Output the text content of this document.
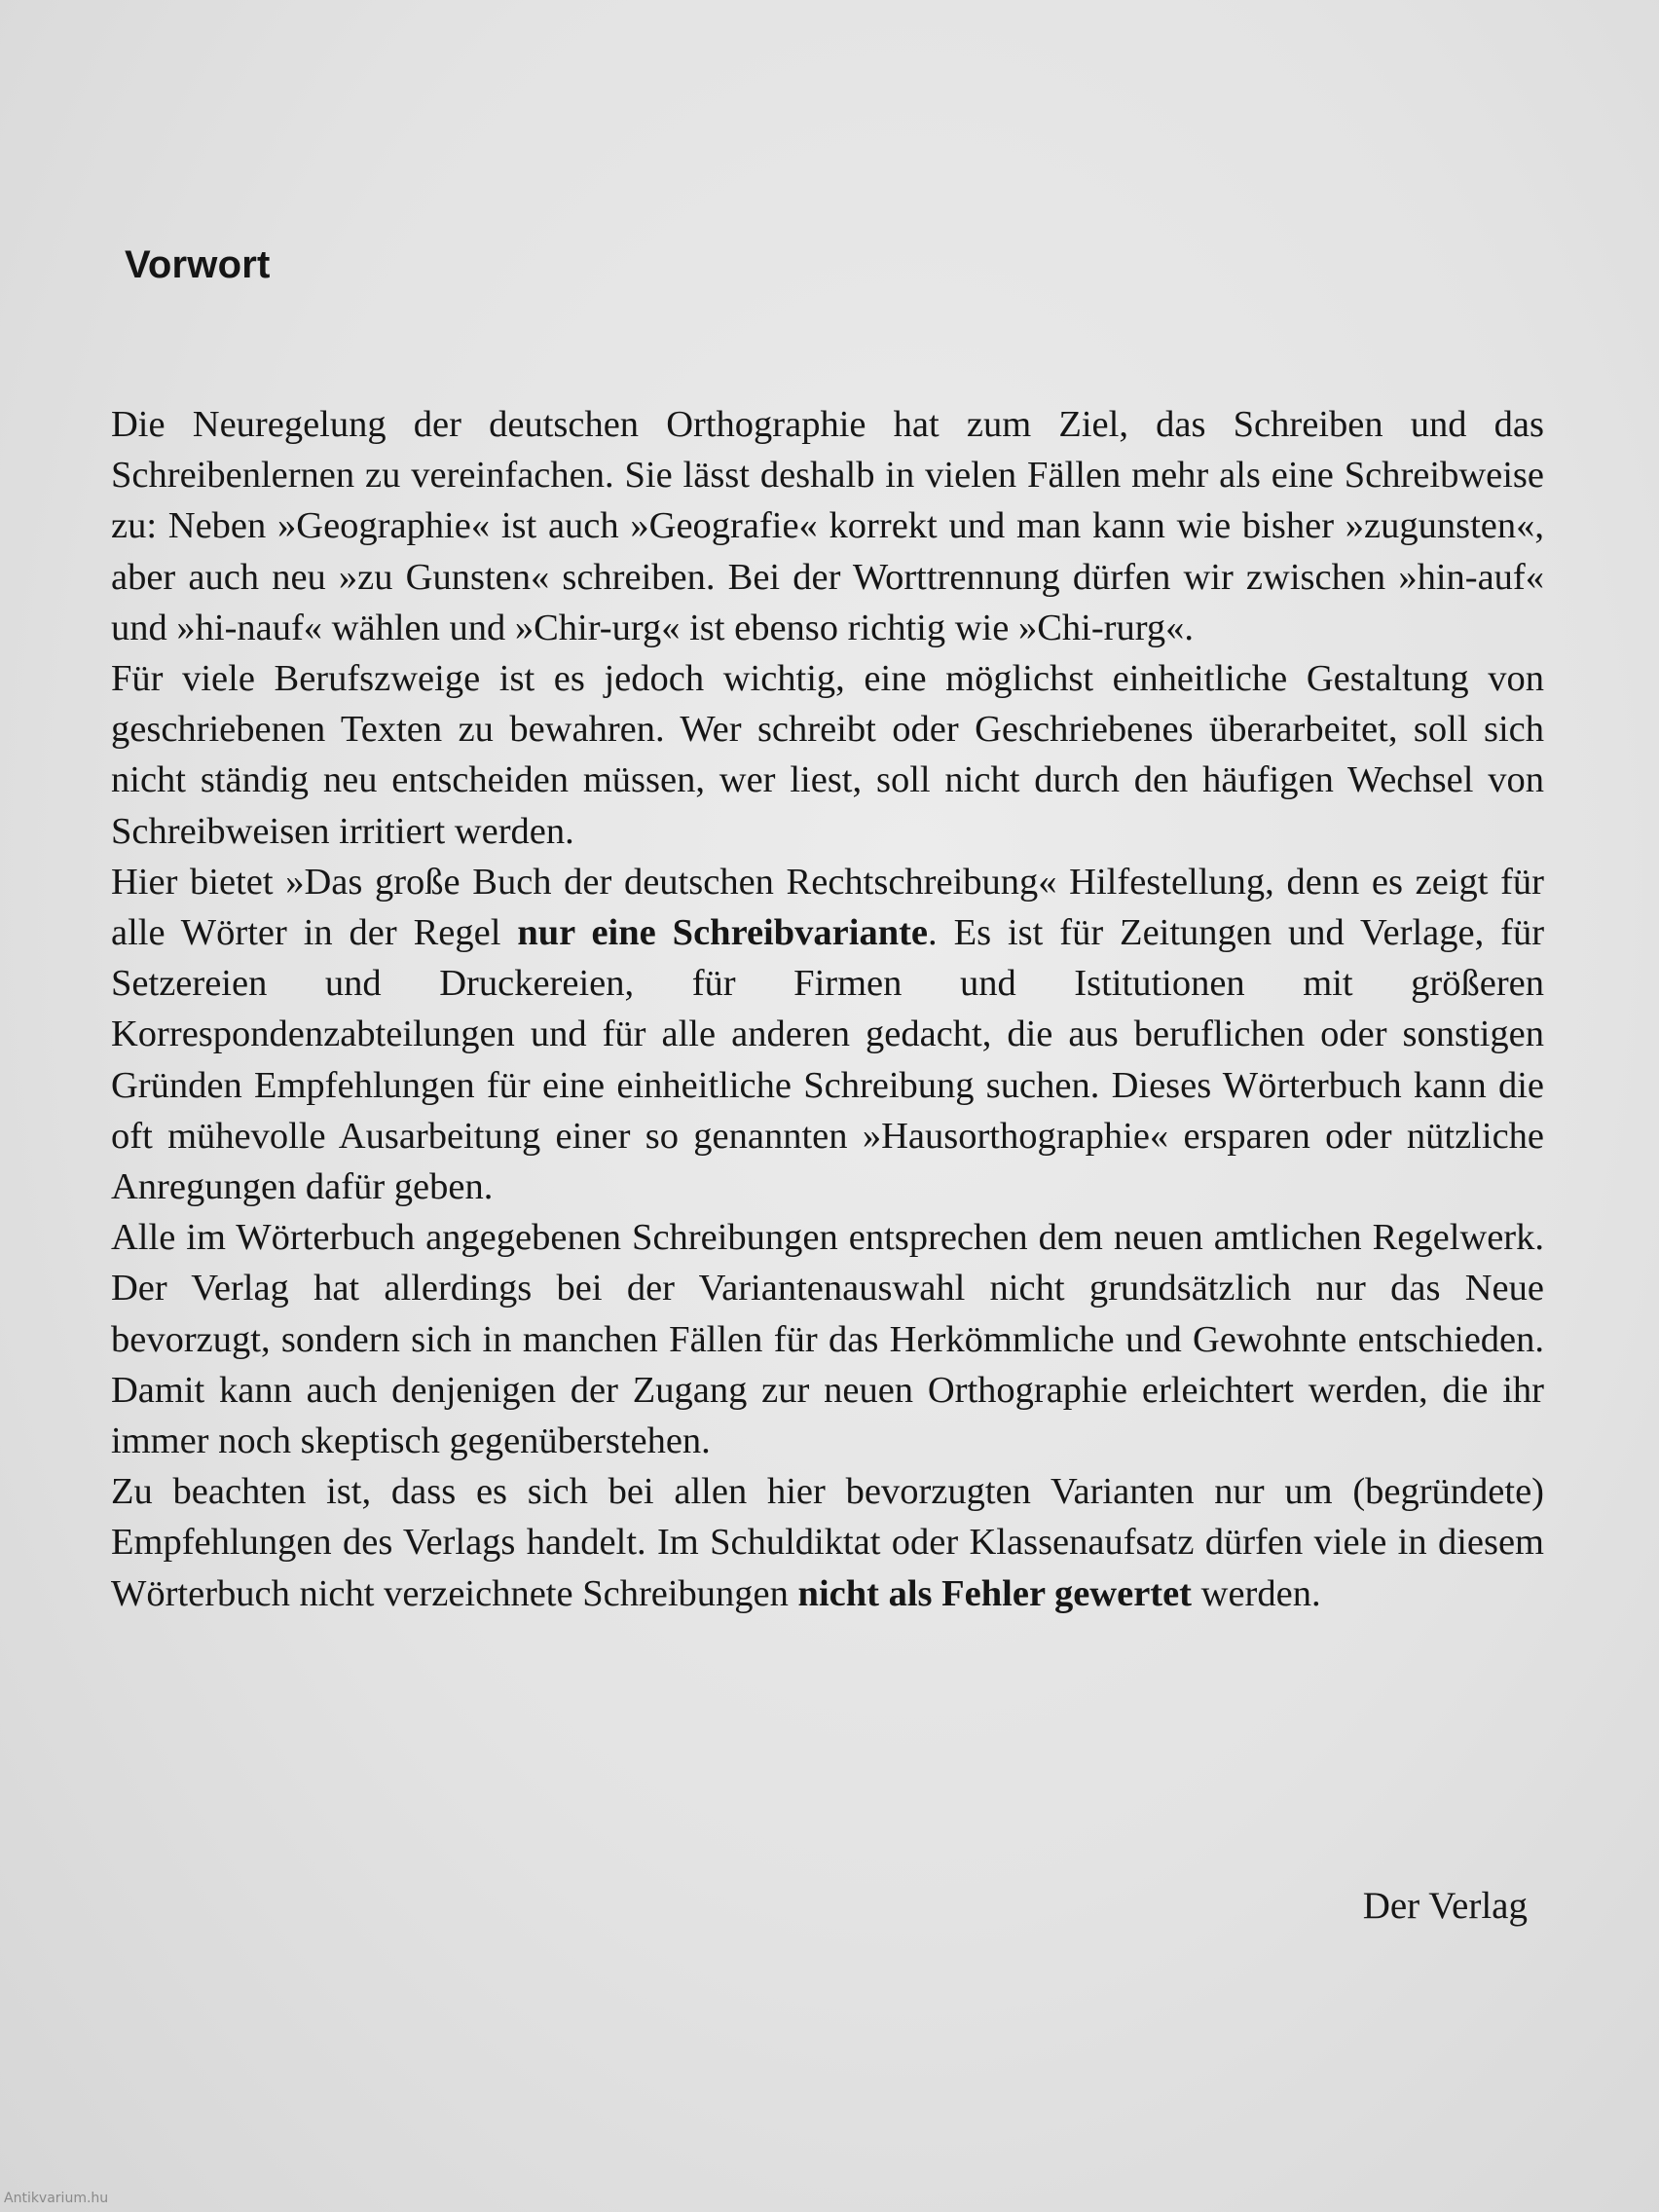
Vorwort

Die Neuregelung der deutschen Orthographie hat zum Ziel, das Schreiben und das Schreibenlernen zu vereinfachen. Sie lässt deshalb in vielen Fällen mehr als eine Schreibweise zu: Neben »Geographie« ist auch »Geografie« korrekt und man kann wie bisher »zugunsten«, aber auch neu »zu Gunsten« schreiben. Bei der Worttrennung dürfen wir zwischen »hin-auf« und »hi-nauf« wählen und »Chir-urg« ist ebenso richtig wie »Chi-rurg«.

Für viele Berufszweige ist es jedoch wichtig, eine möglichst einheitliche Gestaltung von geschriebenen Texten zu bewahren. Wer schreibt oder Geschriebenes überarbeitet, soll sich nicht ständig neu entscheiden müssen, wer liest, soll nicht durch den häufigen Wechsel von Schreibweisen irritiert werden.

Hier bietet »Das große Buch der deutschen Rechtschreibung« Hilfestellung, denn es zeigt für alle Wörter in der Regel nur eine Schreibvariante. Es ist für Zeitungen und Verlage, für Setzereien und Druckereien, für Firmen und Istitutionen mit größeren Korrespondenzabteilungen und für alle anderen gedacht, die aus beruflichen oder sonstigen Gründen Empfehlungen für eine einheitliche Schreibung suchen. Dieses Wörterbuch kann die oft mühevolle Ausarbeitung einer so genannten »Hausorthographie« ersparen oder nützliche Anregungen dafür geben.

Alle im Wörterbuch angegebenen Schreibungen entsprechen dem neuen amtlichen Regelwerk. Der Verlag hat allerdings bei der Variantenauswahl nicht grundsätzlich nur das Neue bevorzugt, sondern sich in manchen Fällen für das Herkömmliche und Gewohnte entschieden. Damit kann auch denjenigen der Zugang zur neuen Orthographie erleichtert werden, die ihr immer noch skeptisch gegenüberstehen.

Zu beachten ist, dass es sich bei allen hier bevorzugten Varianten nur um (begründete) Empfehlungen des Verlags handelt. Im Schuldiktat oder Klassenaufsatz dürfen viele in diesem Wörterbuch nicht verzeichnete Schreibungen nicht als Fehler gewertet werden.

Der Verlag
Antikvarium.hu
